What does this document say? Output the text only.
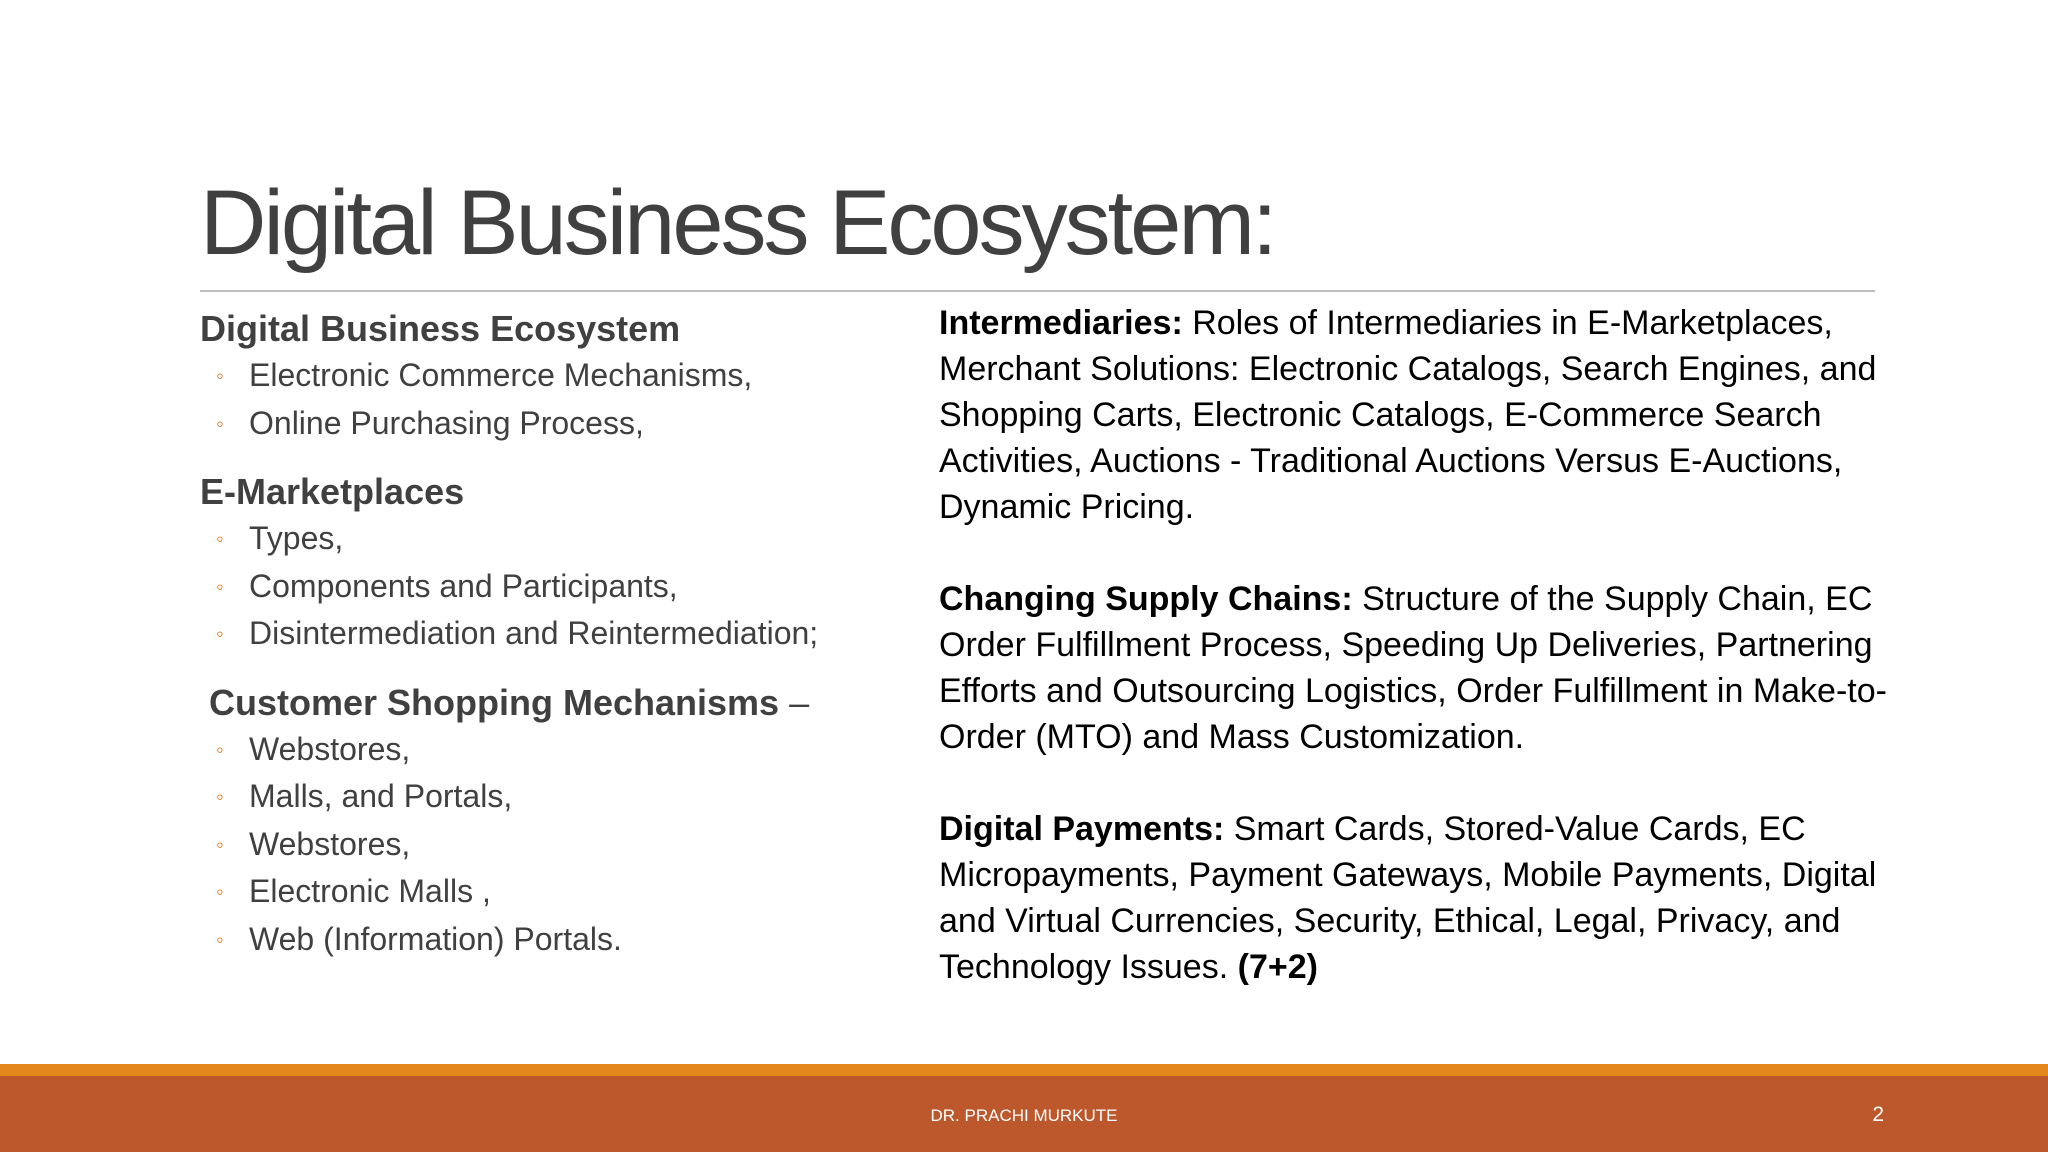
Digital Business Ecosystem:
Digital Business Ecosystem
◦ Electronic Commerce Mechanisms,
◦ Online Purchasing Process,
E-Marketplaces
◦ Types,
◦ Components and Participants,
◦ Disintermediation and Reintermediation;
Customer Shopping Mechanisms –
◦ Webstores,
◦ Malls, and Portals,
◦ Webstores,
◦ Electronic Malls ,
◦ Web (Information) Portals.

Intermediaries: Roles of Intermediaries in E-Marketplaces, Merchant Solutions: Electronic Catalogs, Search Engines, and Shopping Carts, Electronic Catalogs, E-Commerce Search Activities, Auctions - Traditional Auctions Versus E-Auctions, Dynamic Pricing.

Changing Supply Chains: Structure of the Supply Chain, EC Order Fulfillment Process, Speeding Up Deliveries, Partnering Efforts and Outsourcing Logistics, Order Fulfillment in Make-to-Order (MTO) and Mass Customization.

Digital Payments: Smart Cards, Stored-Value Cards, EC Micropayments, Payment Gateways, Mobile Payments, Digital and Virtual Currencies, Security, Ethical, Legal, Privacy, and Technology Issues. (7+2)

DR. PRACHI MURKUTE	2
